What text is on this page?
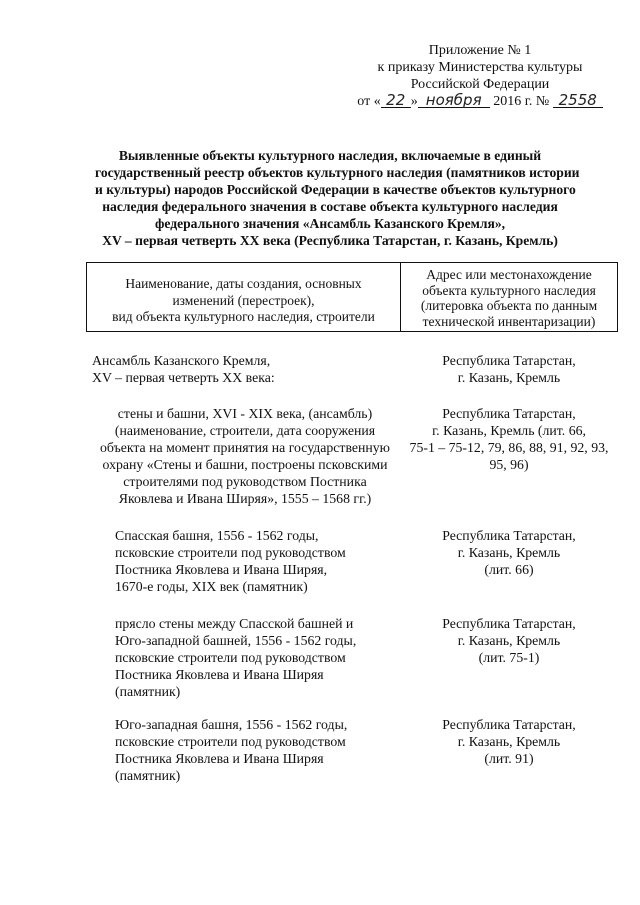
Приложение № 1
к приказу Министерства культуры
Российской Федерации
от « 22 » ноября 2016 г. № 2558
Выявленные объекты культурного наследия, включаемые в единый
государственный реестр объектов культурного наследия (памятников истории
и культуры) народов Российской Федерации в качестве объектов культурного
наследия федерального значения в составе объекта культурного наследия
федерального значения «Ансамбль Казанского Кремля»,
XV – первая четверть XX века (Республика Татарстан, г. Казань, Кремль)
Наименование, даты создания, основных
изменений (перестроек),
вид объекта культурного наследия, строители
Адрес или местонахождение
объекта культурного наследия
(литеровка объекта по данным
технической инвентаризации)
Ансамбль Казанского Кремля,
XV – первая четверть XX века:
Республика Татарстан,
г. Казань, Кремль
стены и башни, XVI - XIX века, (ансамбль)
(наименование, строители, дата сооружения
объекта на момент принятия на государственную
охрану «Стены и башни, построены псковскими
строителями под руководством Постника
Яковлева и Ивана Ширяя», 1555 – 1568 гг.)
Республика Татарстан,
г. Казань, Кремль (лит. 66,
75-1 – 75-12, 79, 86, 88, 91, 92, 93,
95, 96)
Спасская башня, 1556 - 1562 годы,
псковские строители под руководством
Постника Яковлева и Ивана Ширяя,
1670-е годы, XIX век (памятник)
Республика Татарстан,
г. Казань, Кремль
(лит. 66)
прясло стены между Спасской башней и
Юго-западной башней, 1556 - 1562 годы,
псковские строители под руководством
Постника Яковлева и Ивана Ширяя
(памятник)
Республика Татарстан,
г. Казань, Кремль
(лит. 75-1)
Юго-западная башня, 1556 - 1562 годы,
псковские строители под руководством
Постника Яковлева и Ивана Ширяя
(памятник)
Республика Татарстан,
г. Казань, Кремль
(лит. 91)
